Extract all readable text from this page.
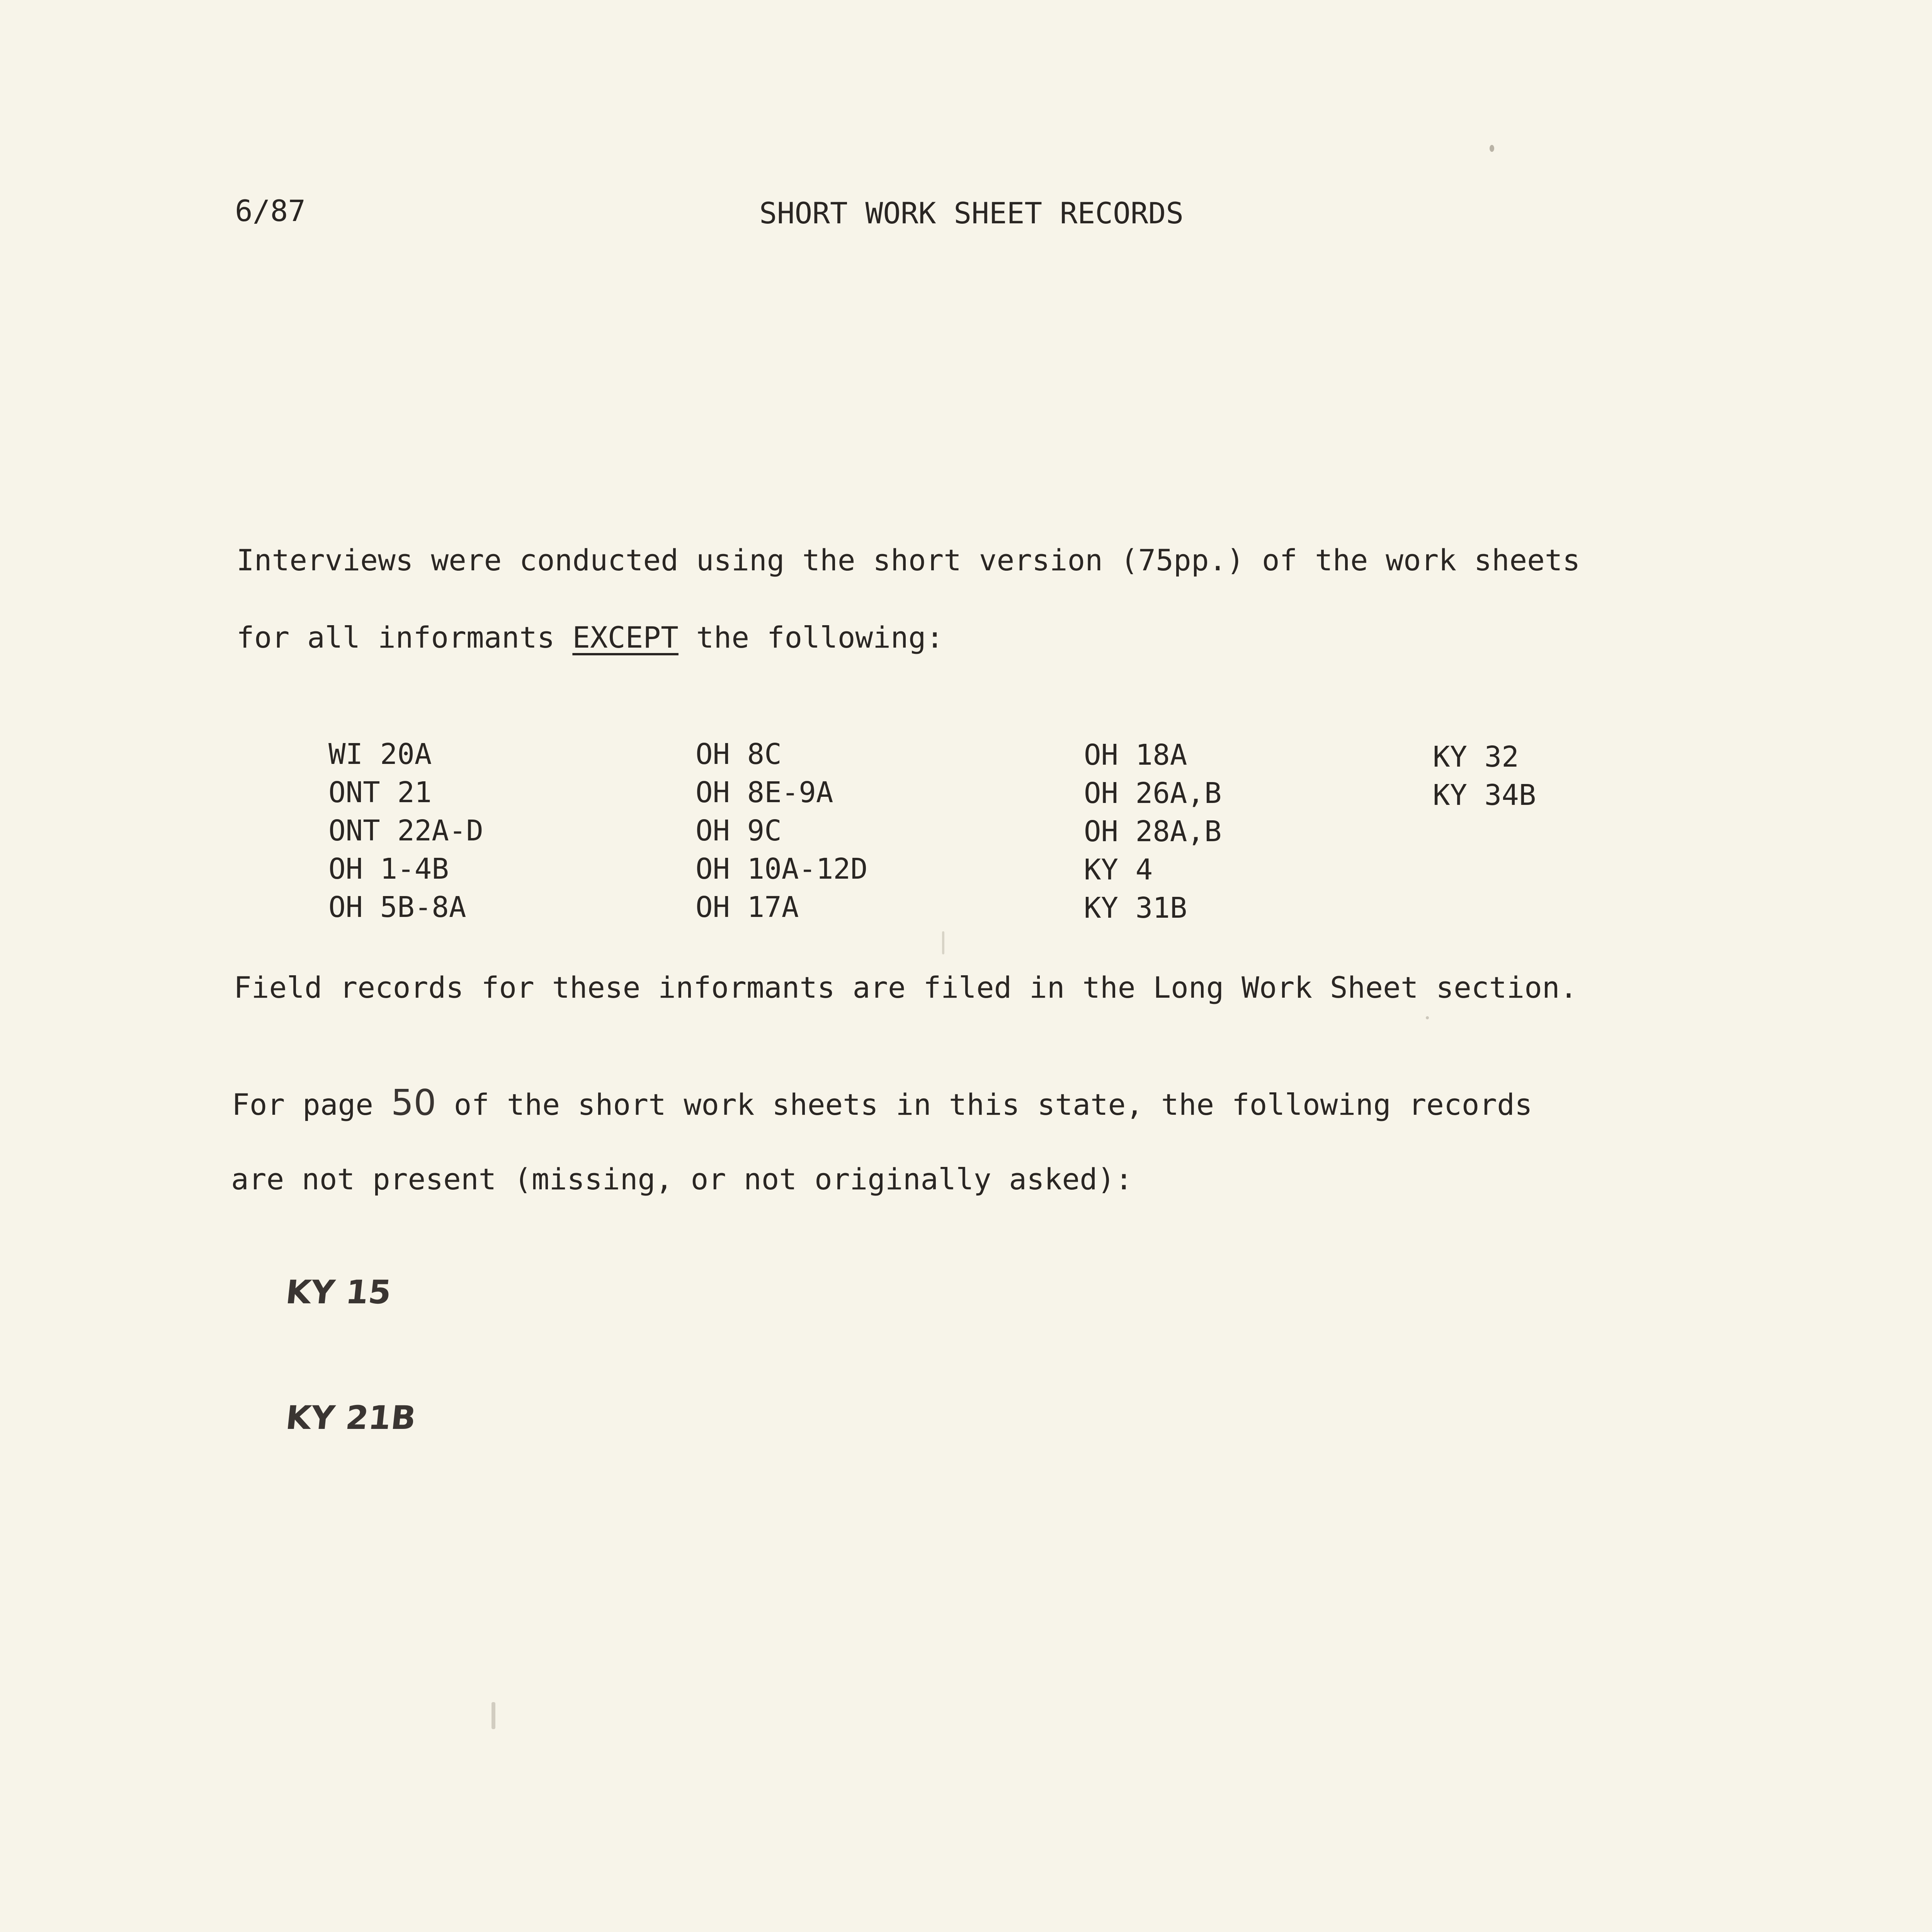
6/87	SHORT WORK SHEET RECORDS
Interviews were conducted using the short version (75pp.) of the work sheets
for all informants EXCEPT the following:
WI 20A
ONT 21
ONT 22A-D
OH 1-4B
OH 5B-8A
OH 8C
OH 8E-9A
OH 9C
OH 10A-12D
OH 17A
OH 18A
OH 26A,B
OH 28A,B
KY 4
KY 31B
KY 32
KY 34B
Field records for these informants are filed in the Long Work Sheet section.
For page 50 of the short work sheets in this state, the following records
are not present (missing, or not originally asked):
KY 15
KY 21B
